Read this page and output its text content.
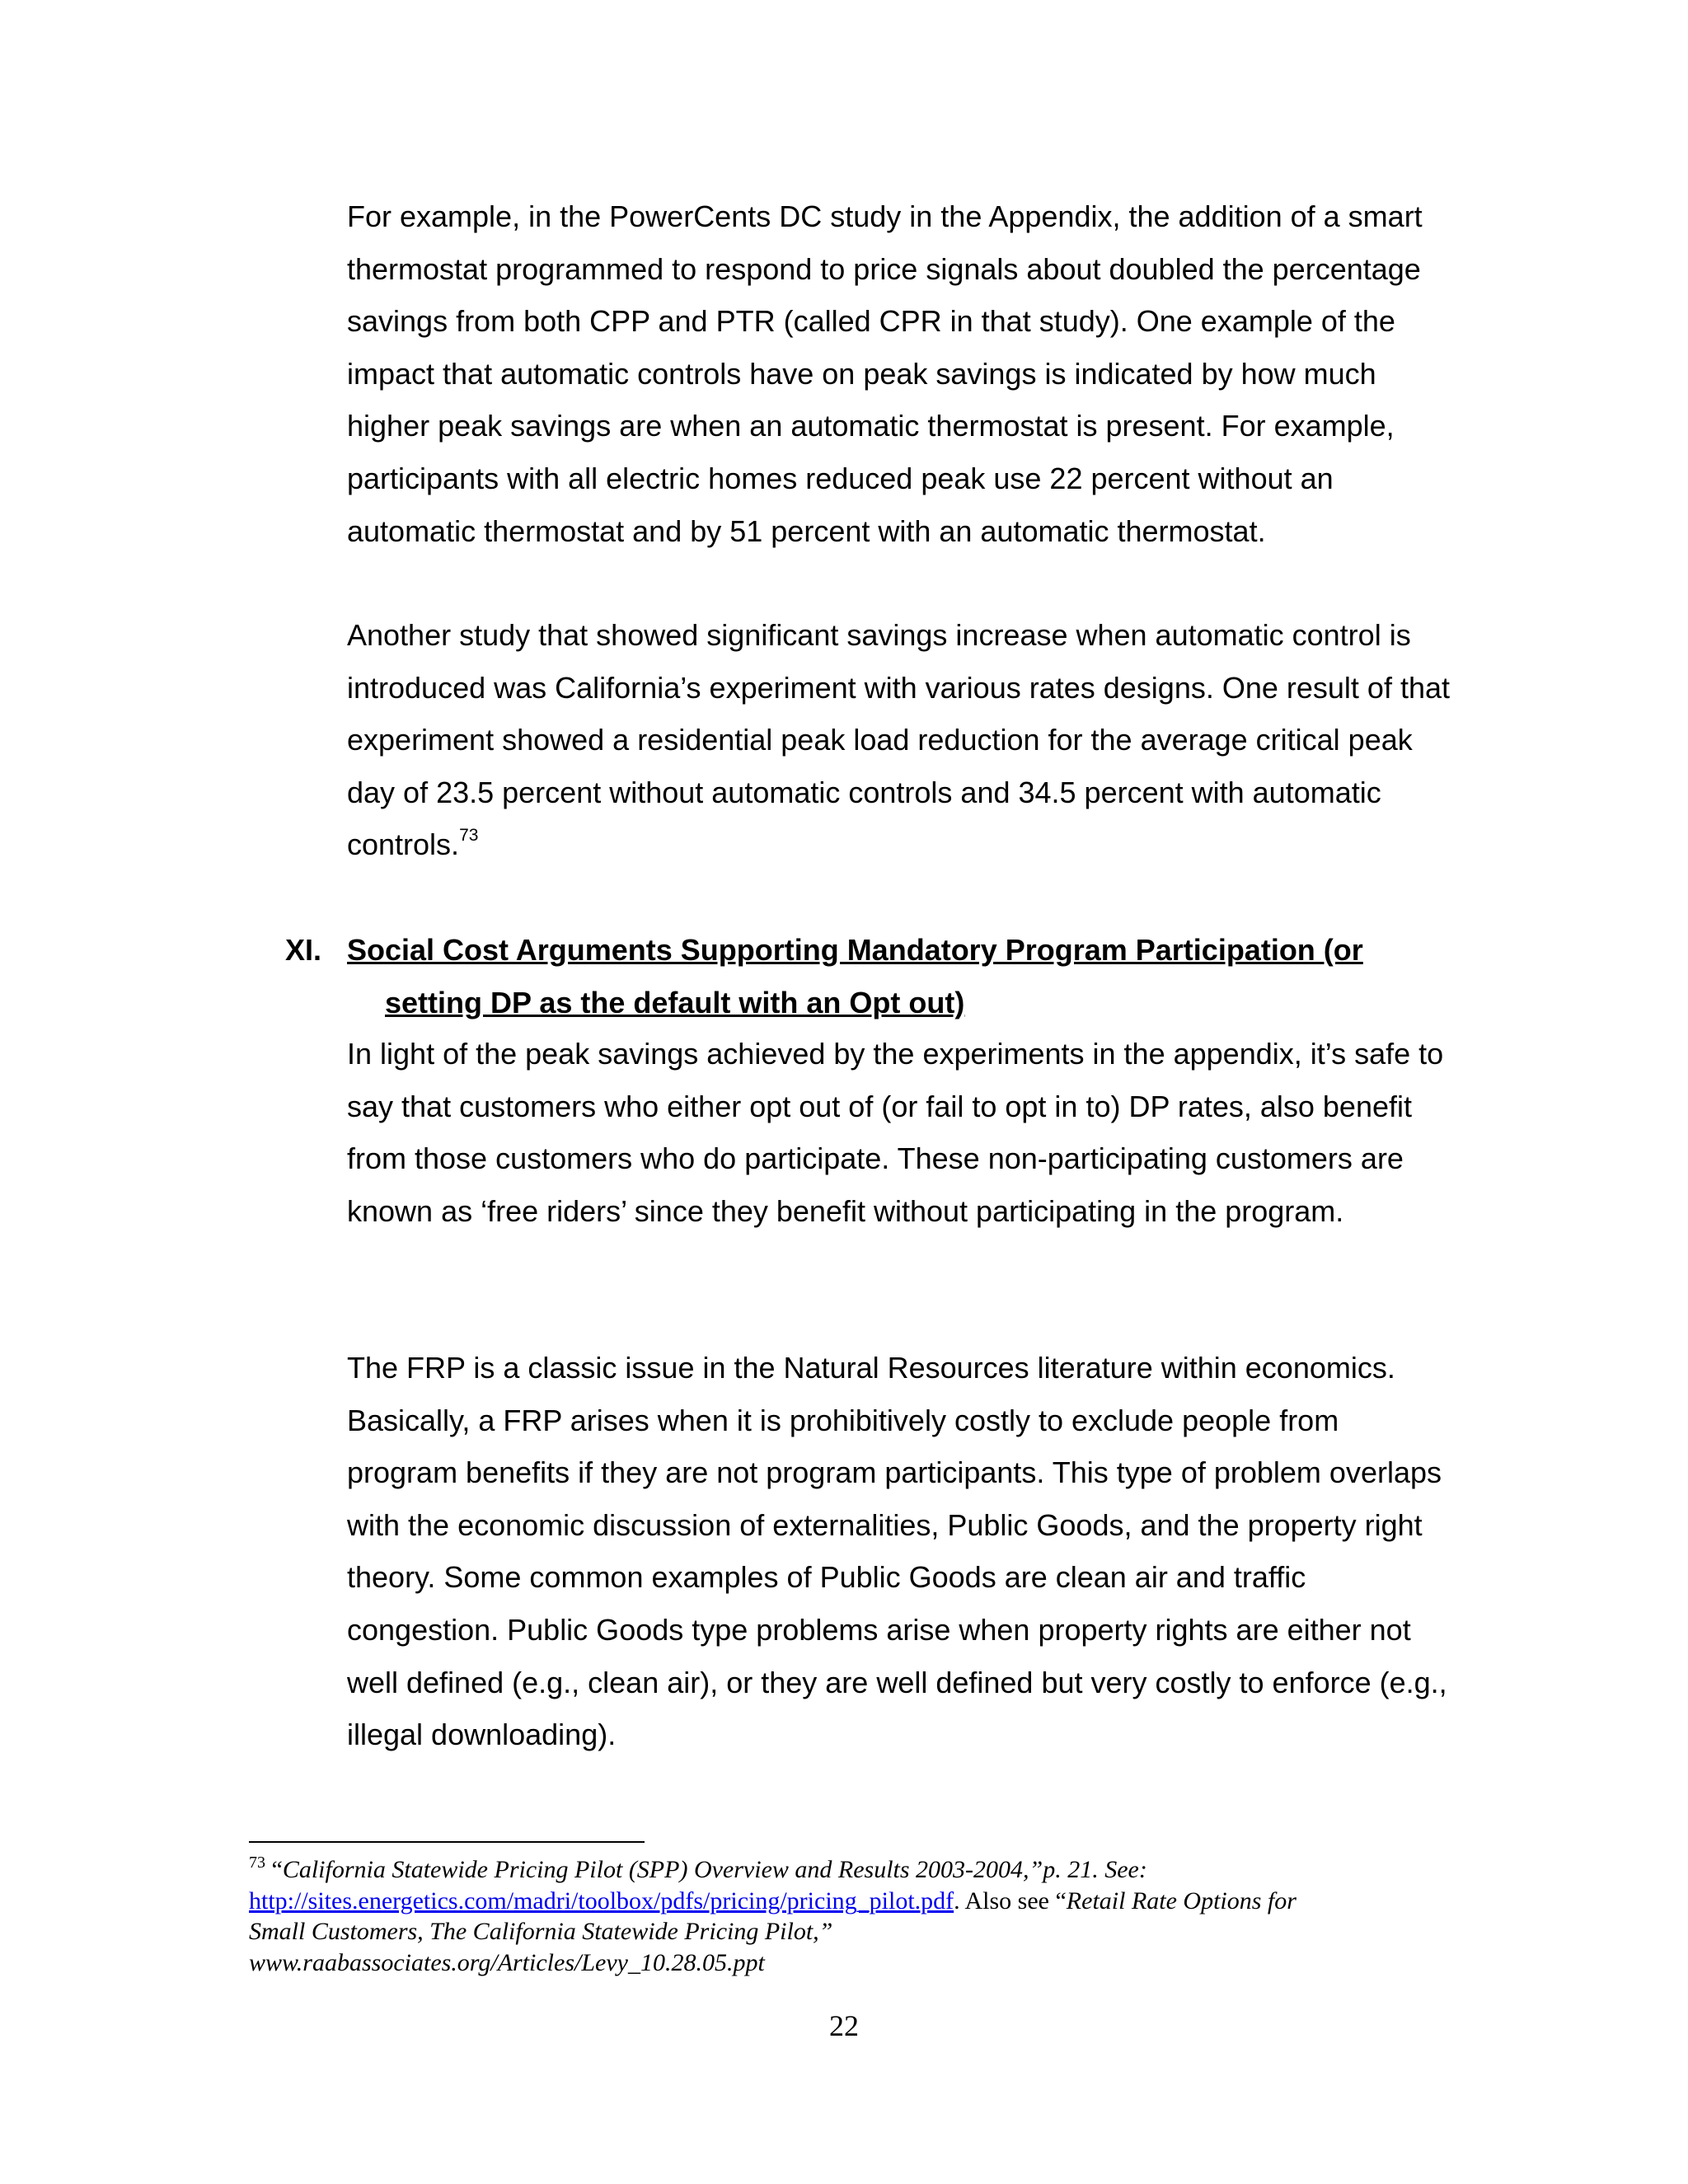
For example, in the PowerCents DC study in the Appendix, the addition of a smart thermostat programmed to respond to price signals about doubled the percentage savings from both CPP and PTR (called CPR in that study). One example of the impact that automatic controls have on peak savings is indicated by how much higher peak savings are when an automatic thermostat is present. For example, participants with all electric homes reduced peak use 22 percent without an automatic thermostat and by 51 percent with an automatic thermostat.

Another study that showed significant savings increase when automatic control is introduced was California’s experiment with various rates designs. One result of that experiment showed a residential peak load reduction for the average critical peak day of 23.5 percent without automatic controls and 34.5 percent with automatic controls.$^{73}$

XI. Social Cost Arguments Supporting Mandatory Program Participation (or
setting DP as the default with an Opt out)

In light of the peak savings achieved by the experiments in the appendix, it’s safe to say that customers who either opt out of (or fail to opt in to) DP rates, also benefit from those customers who do participate. These non-participating customers are known as ‘free riders’ since they benefit without participating in the program.

The FRP is a classic issue in the Natural Resources literature within economics. Basically, a FRP arises when it is prohibitively costly to exclude people from program benefits if they are not program participants. This type of problem overlaps with the economic discussion of externalities, Public Goods, and the property right theory. Some common examples of Public Goods are clean air and traffic congestion. Public Goods type problems arise when property rights are either not well defined (e.g., clean air), or they are well defined but very costly to enforce (e.g., illegal downloading).

$^{73}$ “California Statewide Pricing Pilot (SPP) Overview and Results 2003-2004,”p. 21. See:
http://sites.energetics.com/madri/toolbox/pdfs/pricing/pricing_pilot.pdf. Also see “Retail Rate Options for
Small Customers, The California Statewide Pricing Pilot,”
www.raabassociates.org/Articles/Levy_10.28.05.ppt
22
